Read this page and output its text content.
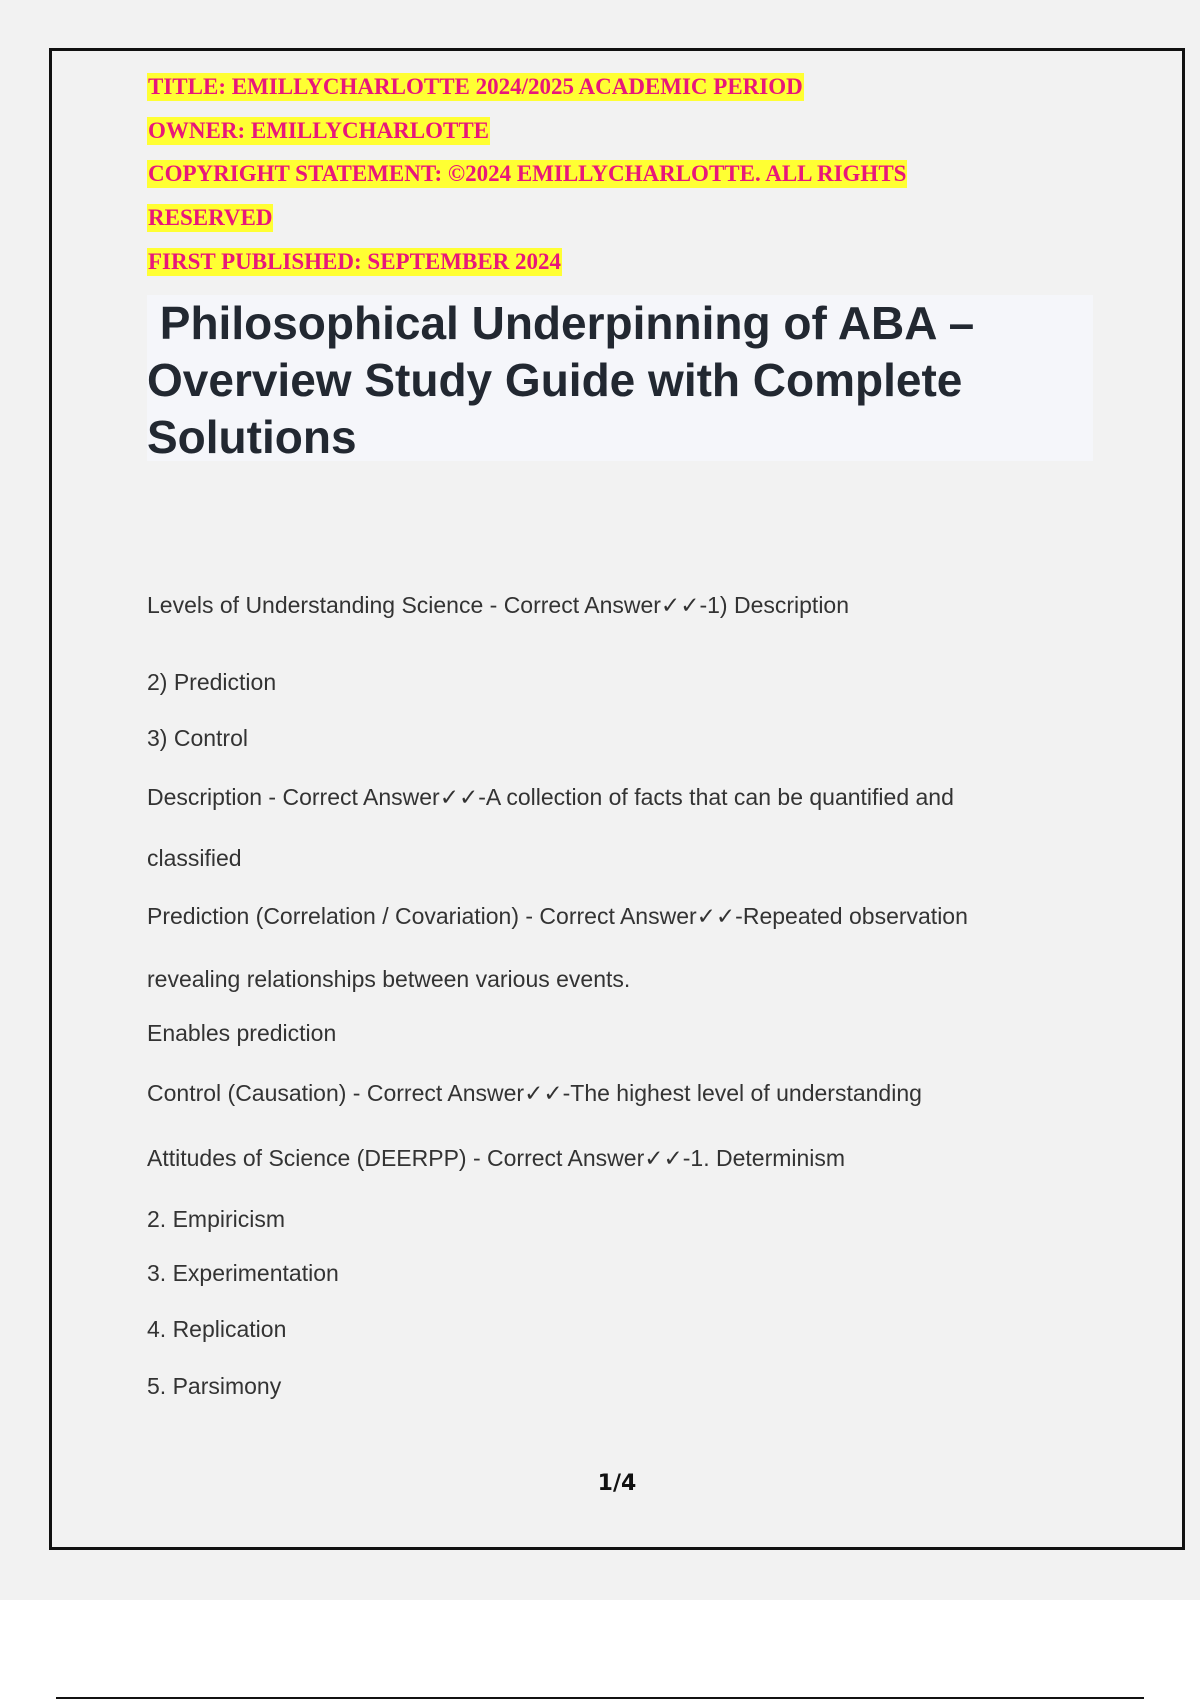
TITLE: EMILLYCHARLOTTE 2024/2025 ACADEMIC PERIOD
OWNER: EMILLYCHARLOTTE
COPYRIGHT STATEMENT: ©2024 EMILLYCHARLOTTE. ALL RIGHTS
RESERVED
FIRST PUBLISHED: SEPTEMBER 2024
Philosophical Underpinning of ABA –
Overview Study Guide with Complete
Solutions
Levels of Understanding Science - Correct Answer✓✓-1) Description
2) Prediction
3) Control
Description - Correct Answer✓✓-A collection of facts that can be quantified and
classified
Prediction (Correlation / Covariation) - Correct Answer✓✓-Repeated observation
revealing relationships between various events.
Enables prediction
Control (Causation) - Correct Answer✓✓-The highest level of understanding
Attitudes of Science (DEERPP) - Correct Answer✓✓-1. Determinism
2. Empiricism
3. Experimentation
4. Replication
5. Parsimony
1/4
